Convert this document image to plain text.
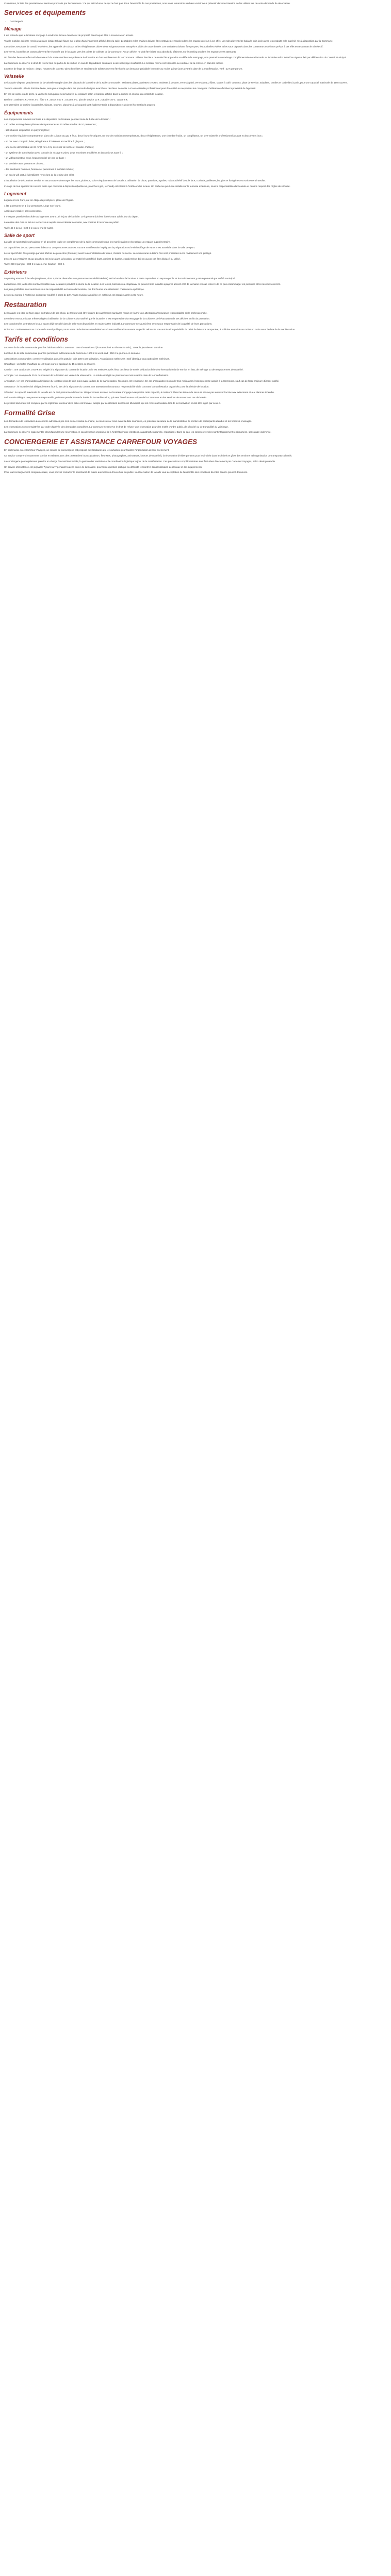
Ci-dessous, la liste des prestations et services proposés par la Commune : Ce qui est inclus et ce qui ne l'est pas. Pour l'ensemble de ces prestations, nous vous remercions de bien vouloir nous prévenir de votre intention de les utiliser lors de votre demande de réservation.

Services et équipements
• Conciergerie
Ménage

Il est entendu que le locataire s'engage à rendre les locaux dans l'état de propreté dans lequel il les a trouvés à son arrivée.

Tout le mobilier doit être remis à sa place initiale tel qu'il figure sur le plan d'aménagement affiché dans la salle. Les tables et les chaises doivent être nettoyées et rangées dans les espaces prévus à cet effet. Les sols doivent être balayés puis lavés avec les produits et le matériel mis à disposition par la Commune.

La cuisine, ses plans de travail, les éviers, les appareils de cuisson et les réfrigérateurs doivent être soigneusement nettoyés et vidés de toute denrée. Les sanitaires doivent être propres, les poubelles vidées et les sacs déposés dans les conteneurs extérieurs prévus à cet effet en respectant le tri sélectif.

Les verres, bouteilles et cartons doivent être évacués par le locataire vers les points de collecte de la Commune. Aucun déchet ne doit être laissé aux abords du bâtiment, sur le parking ou dans les espaces verts attenants.

Un état des lieux est effectué à l'entrée et à la sortie des lieux en présence du locataire et d'un représentant de la Commune. Si l'état des lieux de sortie fait apparaître un défaut de nettoyage, une prestation de ménage complémentaire sera facturée au locataire selon le tarif en vigueur fixé par délibération du Conseil Municipal.

La Commune se réserve le droit de retenir tout ou partie de la caution en cas de dégradation constatée ou de nettoyage insuffisant. Le montant retenu correspondra au coût réel de la remise en état des locaux.

Location de linge de maison : draps, housses de couette, taies d'oreillers et serviettes de toilette peuvent être loués sur demande préalable formulée au moins quinze jours avant la date de la manifestation. Tarif : 12 € par parure.

Vaisselle

Le locataire dispose gratuitement de la vaisselle rangée dans les placards de la cuisine de la salle communale : assiettes plates, assiettes creuses, assiettes à dessert, verres à pied, verres à eau, flûtes, tasses à café, couverts, plats de service, saladiers, carafes et corbeilles à pain, pour une capacité maximale de 150 couverts.

Toute la vaisselle utilisée doit être lavée, essuyée et rangée dans les placards d'origine avant l'état des lieux de sortie. Le lave-vaisselle professionnel peut être utilisé en respectant les consignes d'utilisation affichées à proximité de l'appareil.

En cas de casse ou de perte, la vaisselle manquante sera facturée au locataire selon le barème affiché dans la cuisine et annexé au contrat de location.

Barème : assiette 4 € ; verre 3 € ; flûte 3 € ; tasse 2,50 € ; couvert 2 € ; plat de service 12 € ; saladier 10 € ; carafe 8 €.

Les ustensiles de cuisine (casseroles, faitouts, louches, planches à découper) sont également mis à disposition et doivent être restitués propres.

Équipements

Les équipements suivants sont mis à la disposition du locataire pendant toute la durée de la location :

- 30 tables rectangulaires pliantes de 8 personnes et 10 tables rondes de 10 personnes ;

- 180 chaises empilables en polypropylène ;

- une cuisine équipée comprenant un piano de cuisson au gaz 6 feux, deux fours électriques, un four de maintien en température, deux réfrigérateurs, une chambre froide, un congélateur, un lave-vaisselle professionnel à capot et deux éviers inox ;

- un bar avec comptoir, évier, réfrigérateur à boissons et machine à glaçons ;

- une scène démontable de 24 m² (6 m x 4 m) avec nez de scène et escalier d'accès ;

- un système de sonorisation avec console de mixage 8 voies, deux enceintes amplifiées et deux micros sans fil ;

- un vidéoprojecteur et un écran motorisé de 4 m de base ;

- un vestiaire avec portants et cintres ;

- des sanitaires hommes, femmes et personnes à mobilité réduite ;

- un accès wifi gratuit (identifiants remis lors de la remise des clés).

L'installation de décorations ne doit en aucun cas endommager les murs, plafonds, sols et équipements de la salle. L'utilisation de clous, punaises, agrafes, ruban adhésif double face, confettis, paillettes, bougies et fumigènes est strictement interdite.

L'usage de tout appareil de cuisson autre que ceux mis à disposition (barbecue, plancha à gaz, réchaud) est interdit à l'intérieur des locaux. Un barbecue peut être installé sur la terrasse extérieure, sous la responsabilité du locataire et dans le respect des règles de sécurité.

Logement

Logement à la Cure, au 1er étage du presbytère, place de l'Église.

4 lits 1 personne et 1 lit 2 personnes. Linge non fourni.

Accès par escalier, sans ascenseur.

Il n'est pas possible d'accéder au logement avant 16h le jour de l'arrivée. Le logement doit être libéré avant 11h le jour du départ.

La remise des clés se fait sur rendez-vous auprès du secrétariat de mairie, aux horaires d'ouverture au public.

Tarif : 45 € la nuit ; 120 € le week-end (2 nuits).

Salle de sport

La salle de sport (salle polyvalente n° 2) peut être louée en complément de la salle communale pour les manifestations nécessitant un espace supplémentaire.

Sa capacité est de 350 personnes debout ou 250 personnes assises. Aucune manifestation impliquant la préparation ou le réchauffage de repas n'est autorisée dans la salle de sport.

Le sol sportif doit être protégé par des bâches de protection (fournies) avant toute installation de tables, chaises ou scène. Les chaussures à talons fins sont proscrites sur le revêtement non protégé.

L'accès aux vestiaires et aux douches est inclus dans la location. Le matériel sportif fixé (buts, paniers de basket, espaliers) ne doit en aucun cas être déplacé ou utilisé.

Tarif : 250 € par jour ; 380 € le week-end. Caution : 800 €.

Extérieurs

Le parking attenant à la salle (60 places, dont 2 places réservées aux personnes à mobilité réduite) est inclus dans la location. Il reste cependant un espace public et le stationnement y est réglementé par arrêté municipal.

La terrasse et le jardin clos sont accessibles aux locataires pendant la durée de la location. Les tentes, barnums ou chapiteaux ne peuvent être installés qu'après accord écrit de la mairie et sous réserve de ne pas endommager les pelouses et les réseaux enterrés.

Les jeux gonflables sont autorisés sous la responsabilité exclusive du locataire, qui doit fournir une attestation d'assurance spécifique.

Le niveau sonore à l'extérieur doit rester modéré à partir de 22h. Toute musique amplifiée en extérieur est interdite après cette heure.

Restauration

Le locataire est libre de faire appel au traiteur de son choix. Le traiteur doit être titulaire des agréments sanitaires requis et fournir une attestation d'assurance responsabilité civile professionnelle.

Le traiteur est soumis aux mêmes règles d'utilisation de la cuisine et du matériel que le locataire. Il est responsable du nettoyage de la cuisine et de l'évacuation de ses déchets en fin de prestation.

Les coordonnées de traiteurs locaux ayant déjà travaillé dans la salle sont disponibles en mairie à titre indicatif. La Commune ne saurait être tenue pour responsable de la qualité de leurs prestations.

Boissons : conformément au Code de la santé publique, toute vente de boissons alcoolisées lors d'une manifestation ouverte au public nécessite une autorisation préalable de débit de boissons temporaire, à solliciter en mairie au moins un mois avant la date de la manifestation.

Tarifs et conditions

Location de la salle communale pour les habitants de la Commune : 350 € le week-end (du samedi 9h au dimanche 18h) ; 200 € la journée en semaine.

Location de la salle communale pour les personnes extérieures à la Commune : 600 € le week-end ; 350 € la journée en semaine.

Associations communales : première utilisation annuelle gratuite, puis 100 € par utilisation. Associations extérieures : tarif identique aux particuliers extérieurs.

Chauffage : un forfait chauffage de 40 € par jour est appliqué du 15 octobre au 15 avril.

Caution : une caution de 1 000 € est exigée à la signature du contrat de location. Elle est restituée après l'état des lieux de sortie, déduction faite des éventuels frais de remise en état, de ménage ou de remplacement de matériel.

Acompte : un acompte de 30 % du montant de la location est versé à la réservation. Le solde est réglé au plus tard un mois avant la date de la manifestation.

Annulation : en cas d'annulation à l'initiative du locataire plus de trois mois avant la date de la manifestation, l'acompte est remboursé. En cas d'annulation moins de trois mois avant, l'acompte reste acquis à la Commune, sauf cas de force majeure dûment justifié.

Assurance : le locataire doit obligatoirement fournir, lors de la signature du contrat, une attestation d'assurance responsabilité civile couvrant la manifestation organisée, pour la période de location.

Sécurité : la capacité maximale de la salle est de 200 personnes debout ou 150 personnes assises. Le locataire s'engage à respecter cette capacité, à maintenir libres les issues de secours et à ne pas entraver l'accès aux extincteurs et aux alarmes incendie.

Le locataire désigne une personne responsable, présente pendant toute la durée de la manifestation, qui sera l'interlocuteur unique de la Commune et des services de secours en cas de besoin.

Le présent document est complété par le règlement intérieur de la salle communale, adopté par délibération du Conseil Municipal, qui est remis au locataire lors de la réservation et doit être signé par celui-ci.

Formalité Grise

Les demandes de réservation doivent être adressées par écrit au secrétariat de mairie, au moins deux mois avant la date souhaitée, en précisant la nature de la manifestation, le nombre de participants attendus et les horaires envisagés.

Les réservations sont enregistrées par ordre d'arrivée des demandes complètes. La Commune se réserve le droit de refuser une réservation pour des motifs d'ordre public, de sécurité ou de tranquillité du voisinage.

La Commune se réserve également le droit d'annuler une réservation en cas de besoin impérieux lié à l'intérêt général (élections, catastrophe naturelle, réquisition). Dans ce cas, les sommes versées sont intégralement remboursées, sans autre indemnité.

CONCIERGERIE ET ASSISTANCE CARREFOUR VOYAGES

En partenariat avec Carrefour Voyages, un service de conciergerie est proposé aux locataires qui le souhaitent pour faciliter l'organisation de leur événement.

Ce service comprend notamment la mise en relation avec des prestataires locaux (traiteurs, fleuristes, photographes, animateurs, loueurs de matériel), la réservation d'hébergements pour les invités dans les hôtels et gîtes des environs et l'organisation de transports collectifs.

La conciergerie peut également prendre en charge l'accueil des invités, la gestion des vestiaires et la coordination logistique le jour de la manifestation. Ces prestations complémentaires sont facturées directement par Carrefour Voyages, selon devis préalable.

Un service d'assistance est joignable 7 jours sur 7 pendant toute la durée de la location, pour toute question pratique ou difficulté rencontrée dans l'utilisation des locaux et des équipements.

Pour tout renseignement complémentaire, vous pouvez contacter le secrétariat de mairie aux horaires d'ouverture au public. La réservation de la salle vaut acceptation de l'ensemble des conditions décrites dans le présent document.
